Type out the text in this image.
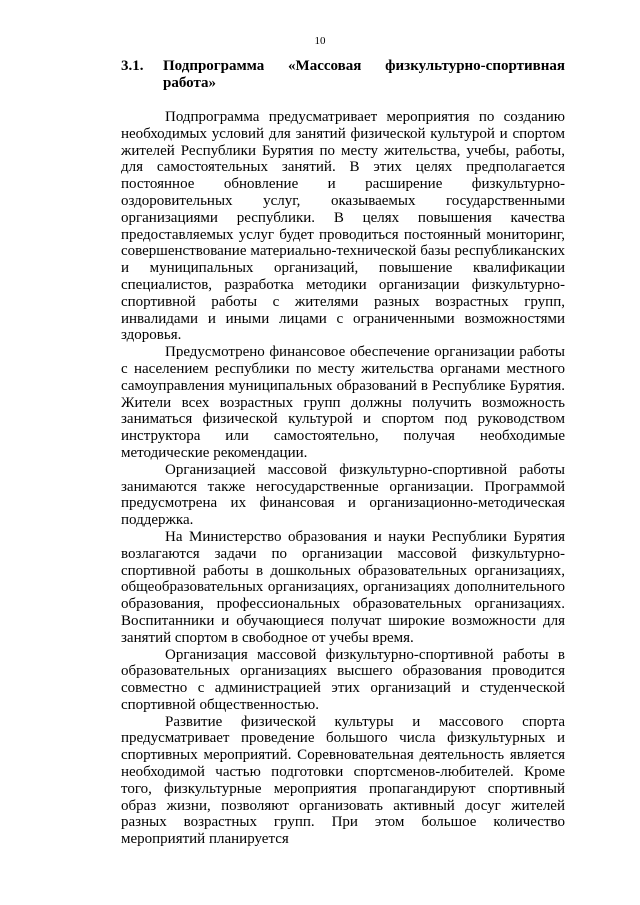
10
3.1.	Подпрограмма «Массовая физкультурно-спортивная
работа»

Подпрограмма предусматривает мероприятия по созданию необходимых условий для занятий физической культурой и спортом жителей Республики Бурятия по месту жительства, учебы, работы, для самостоятельных занятий. В этих целях предполагается постоянное обновление и расширение физкультурно-оздоровительных услуг, оказываемых государственными организациями республики. В целях повышения качества предоставляемых услуг будет проводиться постоянный мониторинг, совершенствование материально-технической базы республиканских и муниципальных организаций, повышение квалификации специалистов, разработка методики организации физкультурно-спортивной работы с жителями разных возрастных групп, инвалидами и иными лицами с ограниченными возможностями здоровья.

Предусмотрено финансовое обеспечение организации работы с населением республики по месту жительства органами местного самоуправления муниципальных образований в Республике Бурятия. Жители всех возрастных групп должны получить возможность заниматься физической культурой и спортом под руководством инструктора или самостоятельно, получая необходимые методические рекомендации.

Организацией массовой физкультурно-спортивной работы занимаются также негосударственные организации. Программой предусмотрена их финансовая и организационно-методическая поддержка.

На Министерство образования и науки Республики Бурятия возлагаются задачи по организации массовой физкультурно-спортивной работы в дошкольных образовательных организациях, общеобразовательных организациях, организациях дополнительного образования, профессиональных образовательных организациях. Воспитанники и обучающиеся получат широкие возможности для занятий спортом в свободное от учебы время.

Организация массовой физкультурно-спортивной работы в образовательных организациях высшего образования проводится совместно с администрацией этих организаций и студенческой спортивной общественностью.

Развитие физической культуры и массового спорта предусматривает проведение большого числа физкультурных и спортивных мероприятий. Соревновательная деятельность является необходимой частью подготовки спортсменов-любителей. Кроме того, физкультурные мероприятия пропагандируют спортивный образ жизни, позволяют организовать активный досуг жителей разных возрастных групп. При этом большое количество мероприятий планируется
